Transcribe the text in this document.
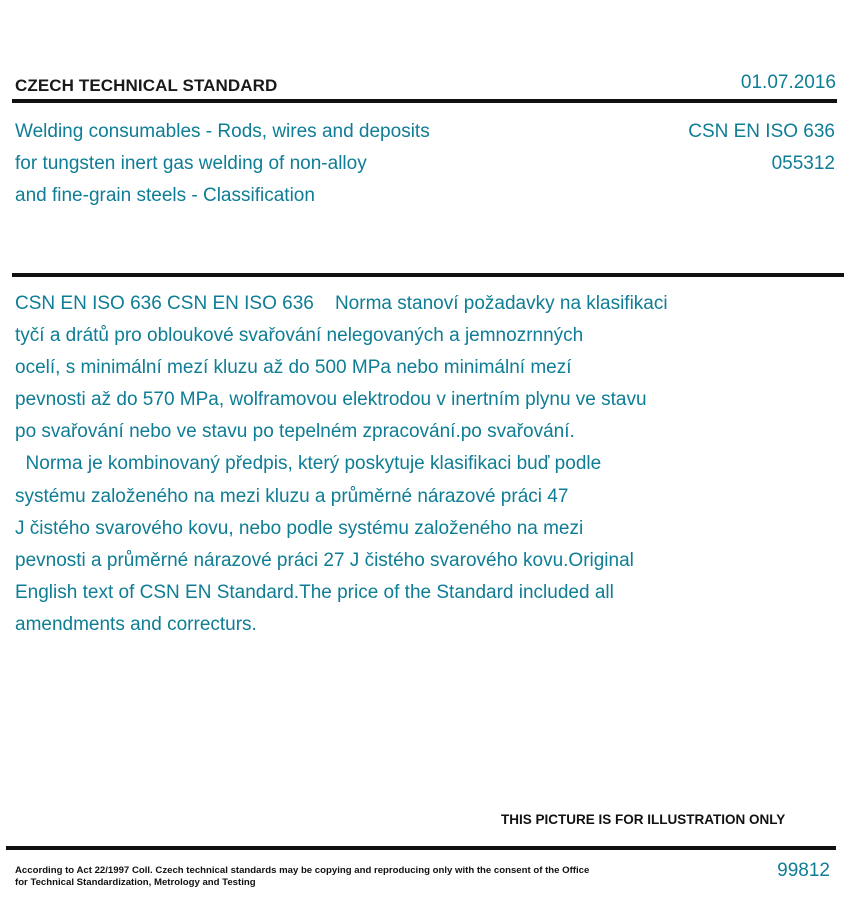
CZECH TECHNICAL STANDARD	01.07.2016
Welding consumables - Rods, wires and deposits
for tungsten inert gas welding of non-alloy
and fine-grain steels - Classification
CSN EN ISO 636
055312

CSN EN ISO 636 CSN EN ISO 636    Norma stanoví požadavky na klasifikaci

tyčí a drátů pro obloukové svařování nelegovaných a jemnozrnných

ocelí, s minimální mezí kluzu až do 500 MPa nebo minimální mezí

pevnosti až do 570 MPa, wolframovou elektrodou v inertním plynu ve stavu

po svařování nebo ve stavu po tepelném zpracování.po svařování.

Norma je kombinovaný předpis, který poskytuje klasifikaci buď podle

systému založeného na mezi kluzu a průměrné nárazové práci 47

J čistého svarového kovu, nebo podle systému založeného na mezi

pevnosti a průměrné nárazové práci 27 J čistého svarového kovu.Original

English text of CSN EN Standard.The price of the Standard included all

amendments and correcturs.

THIS PICTURE IS FOR ILLUSTRATION ONLY
According to Act 22/1997 Coll. Czech technical standards may be copying and reproducing only with the consent of the Office
for Technical Standardization, Metrology and Testing
99812
